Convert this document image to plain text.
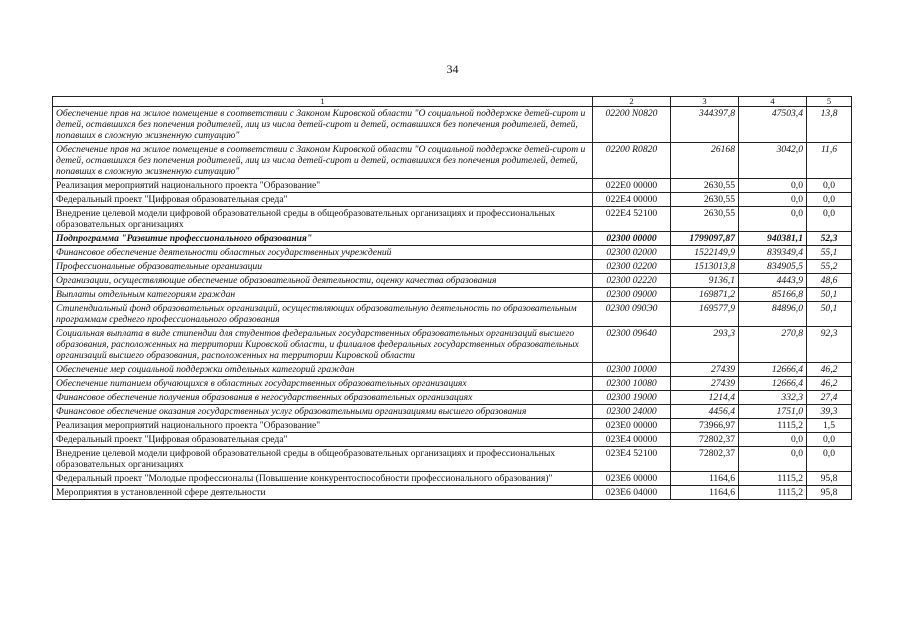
34
1	2	3	4	5
Обеспечение прав на жилое помещение в соответствии с Законом Кировской области "О социальной поддержке детей-сирот и детей, оставшихся без попечения родителей, лиц из числа детей-сирот и детей, оставшихся без попечения родителей, детей, попавших в сложную жизненную ситуацию"	02200 N0820	344397,8	47503,4	13,8
Обеспечение прав на жилое помещение в соответствии с Законом Кировской области "О социальной поддержке детей-сирот и детей, оставшихся без попечения родителей, лиц из числа детей-сирот и детей, оставшихся без попечения родителей, детей, попавших в сложную жизненную ситуацию"	02200 R0820	26168	3042,0	11,6
Реализация мероприятий национального проекта "Образование"	022E0 00000	2630,55	0,0	0,0
Федеральный проект "Цифровая образовательная среда"	022E4 00000	2630,55	0,0	0,0
Внедрение целевой модели цифровой образовательной среды в общеобразовательных организациях и профессиональных образовательных организациях	022E4 52100	2630,55	0,0	0,0
Подпрограмма "Развитие профессионального образования"	02300 00000	1799097,87	940381,1	52,3
Финансовое обеспечение деятельности областных государственных учреждений	02300 02000	1522149,9	839349,4	55,1
Профессиональные образовательные организации	02300 02200	1513013,8	834905,5	55,2
Организации, осуществляющие обеспечение образовательной деятельности, оценку качества образования	02300 02220	9136,1	4443,9	48,6
Выплаты отдельным категориям граждан	02300 09000	169871,2	85166,8	50,1
Стипендиальный фонд образовательных организаций, осуществляющих образовательную деятельность по образовательным программам среднего профессионального образования	02300 090Э0	169577,9	84896,0	50,1
Социальная выплата в виде стипендии для студентов федеральных государственных образовательных организаций высшего образования, расположенных на территории Кировской области, и филиалов федеральных государственных образовательных организаций высшего образования, расположенных на территории Кировской области	02300 09640	293,3	270,8	92,3
Обеспечение мер социальной поддержки отдельных категорий граждан	02300 10000	27439	12666,4	46,2
Обеспечение питанием обучающихся в областных государственных образовательных организациях	02300 10080	27439	12666,4	46,2
Финансовое обеспечение получения образования в негосударственных образовательных организациях	02300 19000	1214,4	332,3	27,4
Финансовое обеспечение оказания государственных услуг образовательными организациями высшего образования	02300 24000	4456,4	1751,0	39,3
Реализация мероприятий национального проекта "Образование"	023E0 00000	73966,97	1115,2	1,5
Федеральный проект "Цифровая образовательная среда"	023E4 00000	72802,37	0,0	0,0
Внедрение целевой модели цифровой образовательной среды в общеобразовательных организациях и профессиональных образовательных организациях	023E4 52100	72802,37	0,0	0,0
Федеральный проект "Молодые профессионалы (Повышение конкурентоспособности профессионального образования)"	023E6 00000	1164,6	1115,2	95,8
Мероприятия в установленной сфере деятельности	023E6 04000	1164,6	1115,2	95,8
